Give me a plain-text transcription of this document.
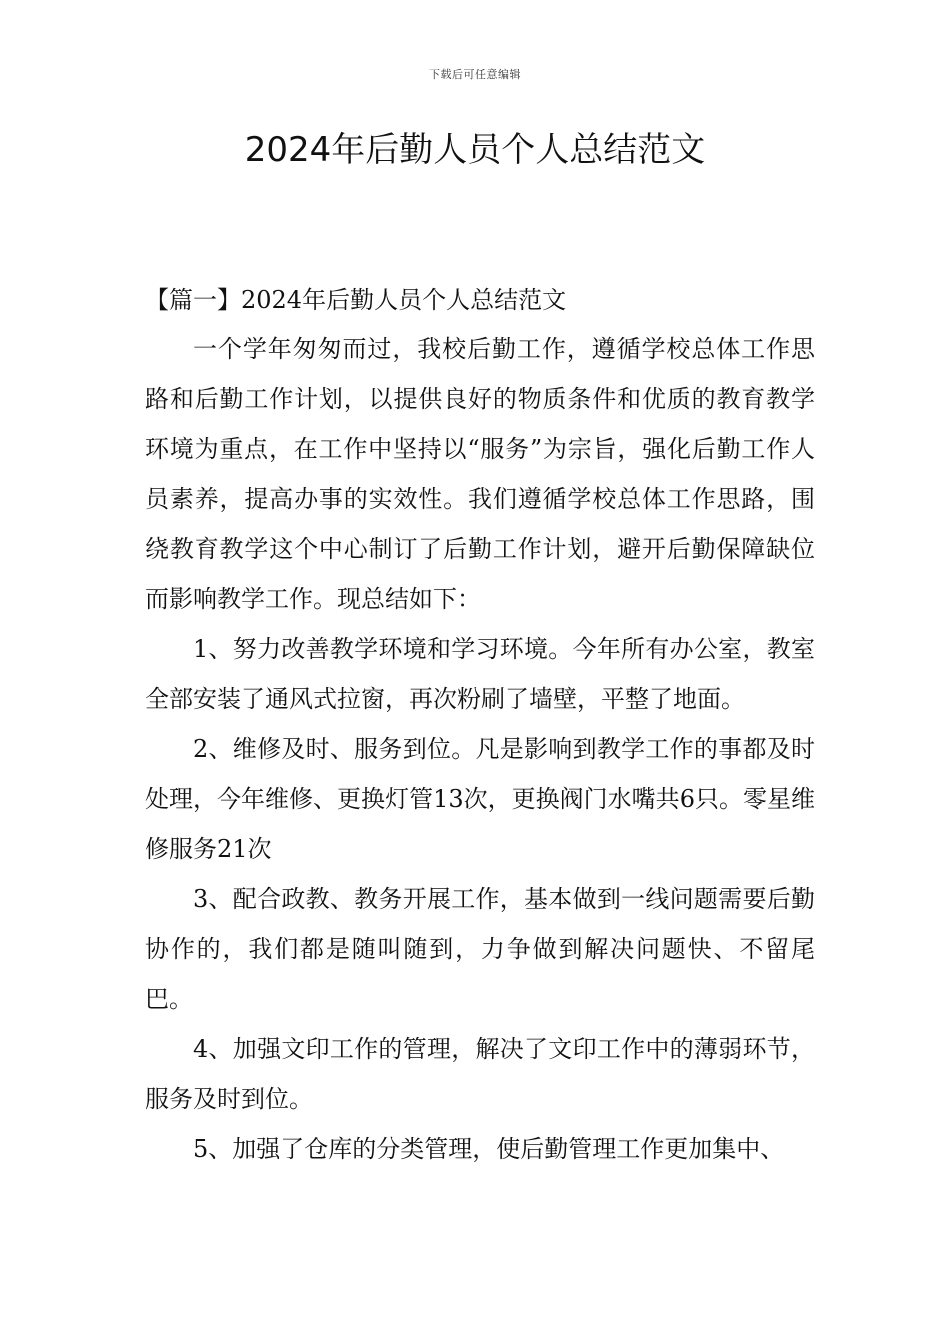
下载后可任意编辑
2024年后勤人员个人总结范文

【篇一】2024年后勤人员个人总结范文

一个学年匆匆而过，我校后勤工作，遵循学校总体工作思路和后勤工作计划，以提供良好的物质条件和优质的教育教学环境为重点，在工作中坚持以“服务”为宗旨，强化后勤工作人员素养，提高办事的实效性。我们遵循学校总体工作思路，围绕教育教学这个中心制订了后勤工作计划，避开后勤保障缺位而影响教学工作。现总结如下：

1、努力改善教学环境和学习环境。今年所有办公室，教室全部安装了通风式拉窗，再次粉刷了墙壁，平整了地面。

2、维修及时、服务到位。凡是影响到教学工作的事都及时处理，今年维修、更换灯管13次，更换阀门水嘴共6只。零星维修服务21次

3、配合政教、教务开展工作，基本做到一线问题需要后勤协作的，我们都是随叫随到，力争做到解决问题快、不留尾巴。

4、加强文印工作的管理，解决了文印工作中的薄弱环节，服务及时到位。

5、加强了仓库的分类管理，使后勤管理工作更加集中、
